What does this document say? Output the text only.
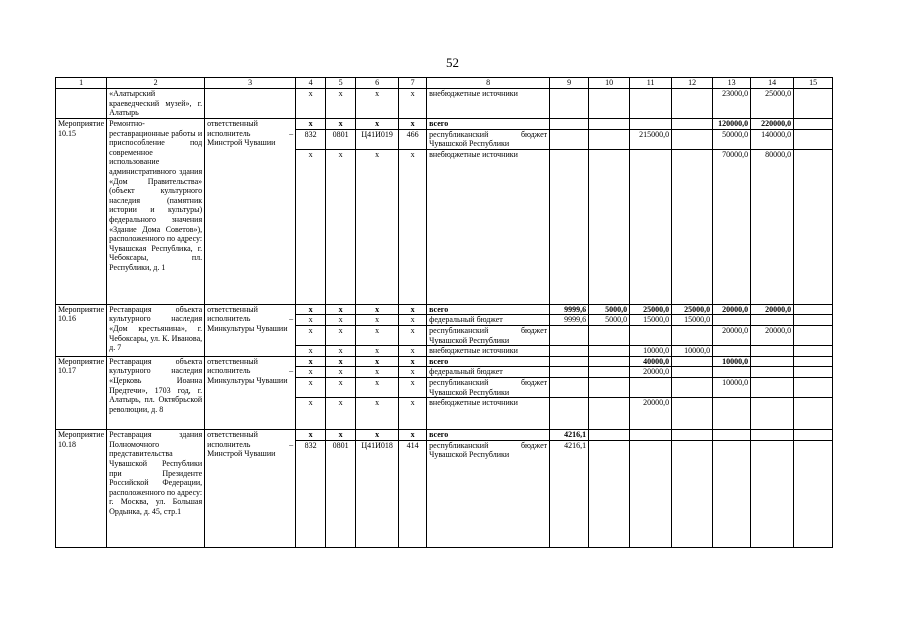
52
1	2	3	4	5	6	7	8	9	10	11	12	13	14	15
	«Алатырский краеведческий музей», г. Алатырь		х	х	х	х	внебюджетные источники					23000,0	25000,0	
Мероприятие 10.15	Ремонтно-реставрационные работы и приспособление под современное использование административного здания «Дом Правительства» (объект культурного наследия (памятник истории и культуры) федерального значения «Здание Дома Советов»), расположенного по адресу: Чувашская Республика, г. Чебоксары, пл. Республики, д. 1	ответственный исполнитель – Минстрой Чувашии	х	х	х	х	всего					120000,0	220000,0	
			832	0801	Ц41И019	466	республиканский бюджет Чувашской Республики			215000,0		50000,0	140000,0	
			х	х	х	х	внебюджетные источники					70000,0	80000,0	
Мероприятие 10.16	Реставрация объекта культурного наследия «Дом крестьянина», г. Чебоксары, ул. К. Иванова, д. 7	ответственный исполнитель – Минкультуры Чувашии	х	х	х	х	всего	9999,6	5000,0	25000,0	25000,0	20000,0	20000,0	
			х	х	х	х	федеральный бюджет	9999,6	5000,0	15000,0	15000,0			
			х	х	х	х	республиканский бюджет Чувашской Республики					20000,0	20000,0	
			х	х	х	х	внебюджетные источники			10000,0	10000,0			
Мероприятие 10.17	Реставрация объекта культурного наследия «Церковь Иоанна Предтечи», 1703 год, г. Алатырь, пл. Октябрьской революции, д. 8	ответственный исполнитель – Минкультуры Чувашии	х	х	х	х	всего			40000,0		10000,0		
			х	х	х	х	федеральный бюджет			20000,0				
			х	х	х	х	республиканский бюджет Чувашской Республики					10000,0		
			х	х	х	х	внебюджетные источники			20000,0				
Мероприятие 10.18	Реставрация здания Полномочного представительства Чувашской Республики при Президенте Российской Федерации, расположенного по адресу: г. Москва, ул. Большая Ордынка, д. 45, стр.1	ответственный исполнитель – Минстрой Чувашии	х	х	х	х	всего	4216,1						
			832	0801	Ц41И018	414	республиканский бюджет Чувашской Республики	4216,1						
